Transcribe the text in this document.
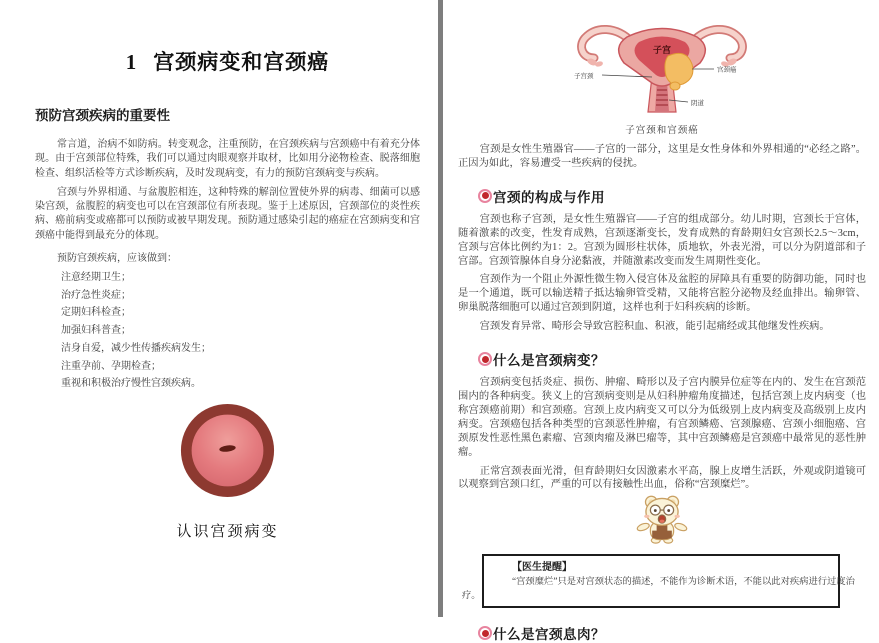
1 宫颈病变和宫颈癌
预防宫颈疾病的重要性

常言道，治病不如防病。转变观念，注重预防，在宫颈疾病与宫颈癌中有着充分体现。由于宫颈部位特殊，我们可以通过肉眼观察并取材，比如用分泌物检查、脱落细胞检查、组织活检等方式诊断疾病，及时发现病变，有力的预防宫颈病变与疾病。

宫颈与外界相通、与盆腹腔相连，这种特殊的解剖位置使外界的病毒、细菌可以感染宫颈，盆腹腔的病变也可以在宫颈部位有所表现。鉴于上述原因，宫颈部位的炎性疾病、癌前病变或癌都可以预防或被早期发现。预防通过感染引起的癌症在宫颈病变和宫颈癌中能得到最充分的体现。

预防宫颈疾病，应该做到：

注意经期卫生；
治疗急性炎症；
定期妇科检查；
加强妇科普查；
洁身自爱，减少性传播疾病发生；
注重孕前、孕期检查；
重视和积极治疗慢性宫颈疾病。
认识宫颈病变
子宫
子宫颈
宫颈癌
阴道
子宫颈和宫颈癌

宫颈是女性生殖器官——子宫的一部分，这里是女性身体和外界相通的“必经之路”。正因为如此，容易遭受一些疾病的侵扰。

宫颈的构成与作用

宫颈也称子宫颈，是女性生殖器官——子宫的组成部分。幼儿时期，宫颈长于宫体，随着激素的改变，性发育成熟，宫颈逐渐变长，发育成熟的育龄期妇女宫颈长2.5～3cm，宫颈与宫体比例约为1：2。宫颈为圆形柱状体，质地软，外表光滑，可以分为阴道部和子宫部。宫颈管腺体自身分泌黏液，并随激素改变而发生周期性变化。

宫颈作为一个阻止外源性微生物入侵宫体及盆腔的屏障具有重要的防御功能，同时也是一个通道，既可以输送精子抵达输卵管受精，又能将宫腔分泌物及经血排出。输卵管、卵巢脱落细胞可以通过宫颈到阴道，这样也利于妇科疾病的诊断。

宫颈发育异常、畸形会导致宫腔积血、积液，能引起痛经或其他继发性疾病。

什么是宫颈病变？

宫颈病变包括炎症、损伤、肿瘤、畸形以及子宫内膜异位症等在内的、发生在宫颈范围内的各种病变。狭义上的宫颈病变则是从妇科肿瘤角度描述，包括宫颈上皮内病变（也称宫颈癌前期）和宫颈癌。宫颈上皮内病变又可以分为低级别上皮内病变及高级别上皮内病变。宫颈癌包括各种类型的宫颈恶性肿瘤，有宫颈鳞癌、宫颈腺癌、宫颈小细胞癌、宫颈原发性恶性黑色素瘤、宫颈肉瘤及淋巴瘤等，其中宫颈鳞癌是宫颈癌中最常见的恶性肿瘤。

正常宫颈表面光滑，但育龄期妇女因激素水平高，腺上皮增生活跃，外观或阴道镜可以观察到宫颈口红，严重的可以有接触性出血，俗称“宫颈糜烂”。

【医生提醒】
“宫颈糜烂”只是对宫颈状态的描述，不能作为诊断术语，不能以此对疾病进行过度治
疗。
什么是宫颈息肉？
